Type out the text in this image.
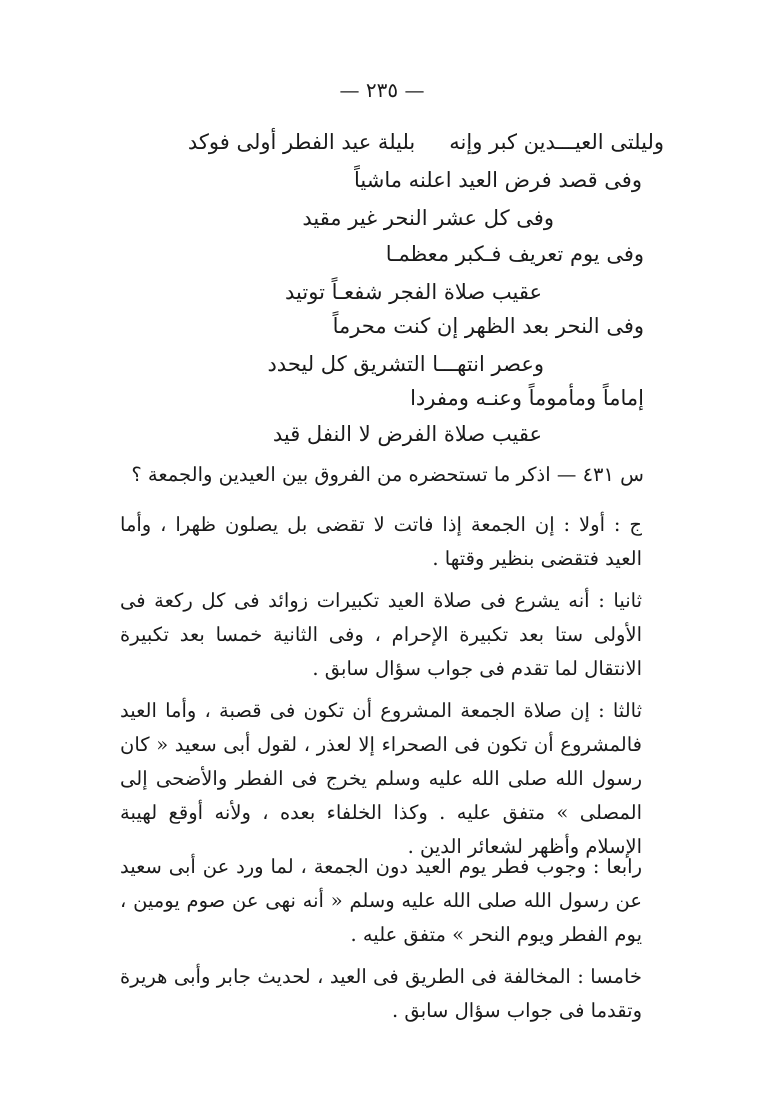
— ٢٣٥ —
وليلتى العيـــدين كبر وإنهبليلة عيد الفطر أولى فوكد
وفى قصد فرض العيد اعلنه ماشياً
وفى كل عشر النحر غير مقيد
وفى يوم تعريف فـكبر معظمـا
عقيب صلاة الفجر شفعـاً توتيد
وفى النحر بعد الظهر إن كنت محرماً
وعصر انتهـــا التشريق كل ليحدد
إماماً ومأموماً وعنـه ومفردا
عقيب صلاة الفرض لا النفل قيد
س ٤٣١ — اذكر ما تستحضره من الفروق بين العيدين والجمعة ؟
ج : أولا : إن الجمعة إذا فاتت لا تقضى بل يصلون ظهرا ، وأما العيد فتقضى بنظير وقتها .
ثانيا : أنه يشرع فى صلاة العيد تكبيرات زوائد فى كل ركعة فى الأولى ستا بعد تكبيرة الإحرام ، وفى الثانية خمسا بعد تكبيرة الانتقال لما تقدم فى جواب سؤال سابق .
ثالثا : إن صلاة الجمعة المشروع أن تكون فى قصبة ، وأما العيد فالمشروع أن تكون فى الصحراء إلا لعذر ، لقول أبى سعيد « كان رسول الله صلى الله عليه وسلم يخرج فى الفطر والأضحى إلى المصلى » متفق عليه . وكذا الخلفاء بعده ، ولأنه أوقع لهيبة الإسلام وأظهر لشعائر الدين .
رابعا : وجوب فطر يوم العيد دون الجمعة ، لما ورد عن أبى سعيد عن رسول الله صلى الله عليه وسلم « أنه نهى عن صوم يومين ، يوم الفطر ويوم النحر » متفق عليه .
خامسا : المخالفة فى الطريق فى العيد ، لحديث جابر وأبى هريرة وتقدما فى جواب سؤال سابق .
